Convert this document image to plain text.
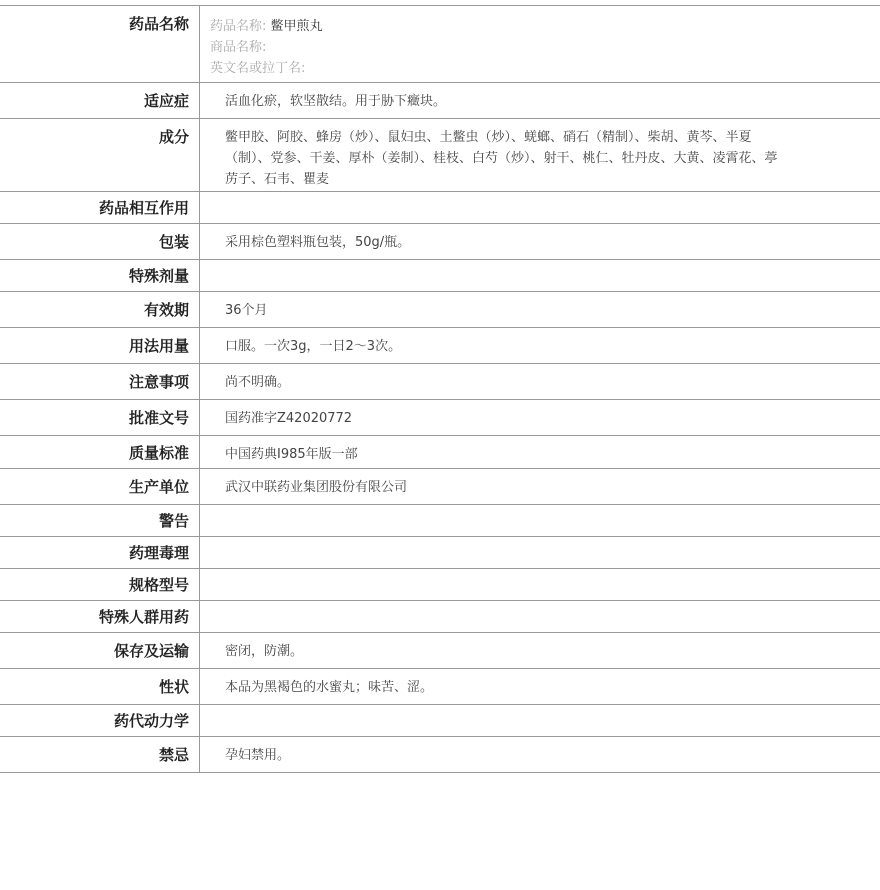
药品名称	药品名称: 鳖甲煎丸
商品名称:
英文名或拉丁名:
适应症	活血化瘀，软坚散结。用于胁下癥块。
成分	鳖甲胶、阿胶、蜂房（炒）、鼠妇虫、土鳖虫（炒）、蜣螂、硝石（精制）、柴胡、黄芩、半夏（制）、党参、干姜、厚朴（姜制）、桂枝、白芍（炒）、射干、桃仁、牡丹皮、大黄、凌霄花、葶苈子、石韦、瞿麦
药品相互作用
包装	采用棕色塑料瓶包装，50g/瓶。
特殊剂量
有效期	36个月
用法用量	口服。一次3g，一日2～3次。
注意事项	尚不明确。
批准文号	国药准字Z42020772
质量标准	中国药典I985年版一部
生产单位	武汉中联药业集团股份有限公司
警告
药理毒理
规格型号
特殊人群用药
保存及运输	密闭，防潮。
性状	本品为黑褐色的水蜜丸；味苦、涩。
药代动力学
禁忌	孕妇禁用。
